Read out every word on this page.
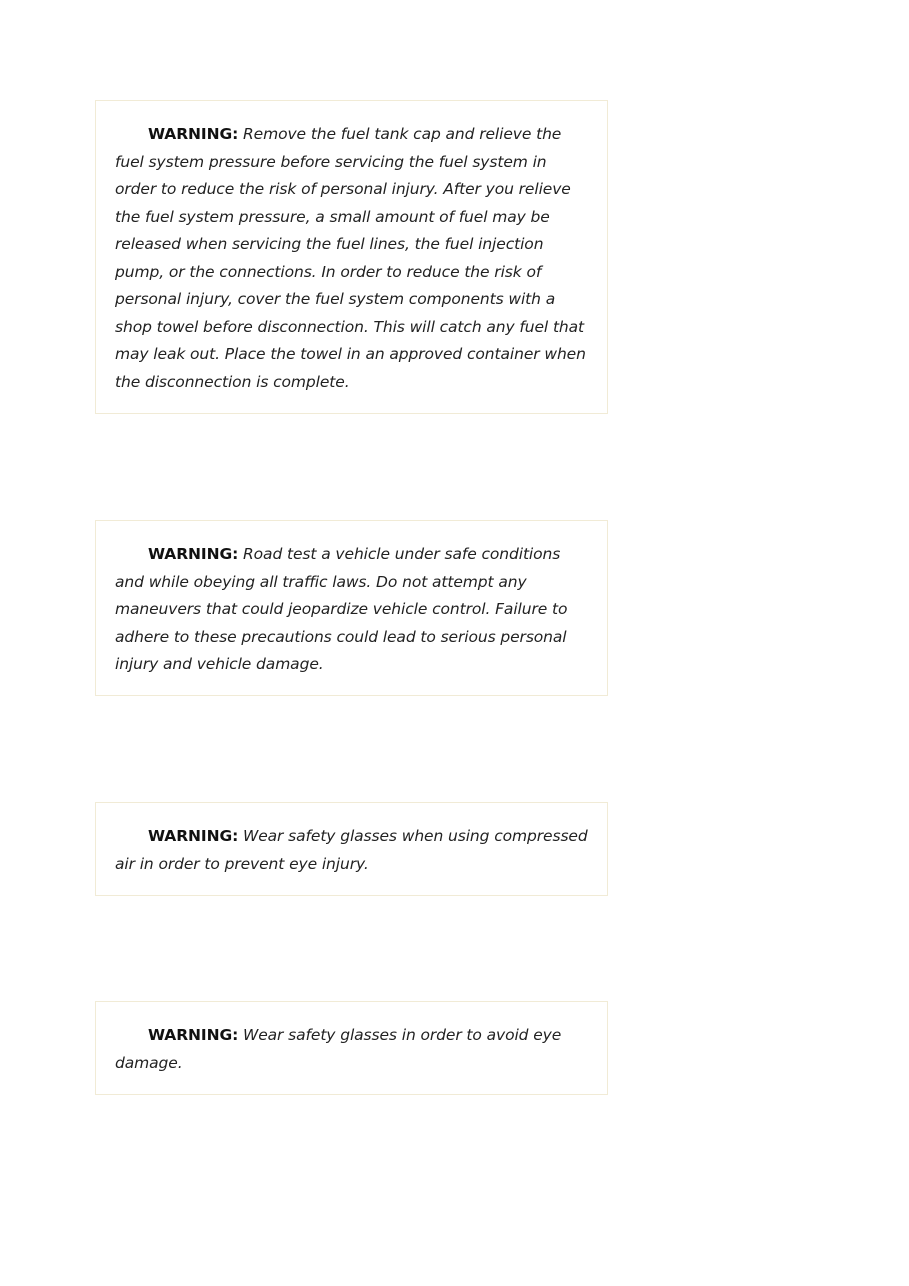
WARNING: Remove the fuel tank cap and relieve the fuel system pressure before servicing the fuel system in order to reduce the risk of personal injury. After you relieve the fuel system pressure, a small amount of fuel may be released when servicing the fuel lines, the fuel injection pump, or the connections. In order to reduce the risk of personal injury, cover the fuel system components with a shop towel before disconnection. This will catch any fuel that may leak out. Place the towel in an approved container when the disconnection is complete.

WARNING: Road test a vehicle under safe conditions and while obeying all traffic laws. Do not attempt any maneuvers that could jeopardize vehicle control. Failure to adhere to these precautions could lead to serious personal injury and vehicle damage.

WARNING: Wear safety glasses when using compressed air in order to prevent eye injury.

WARNING: Wear safety glasses in order to avoid eye damage.
